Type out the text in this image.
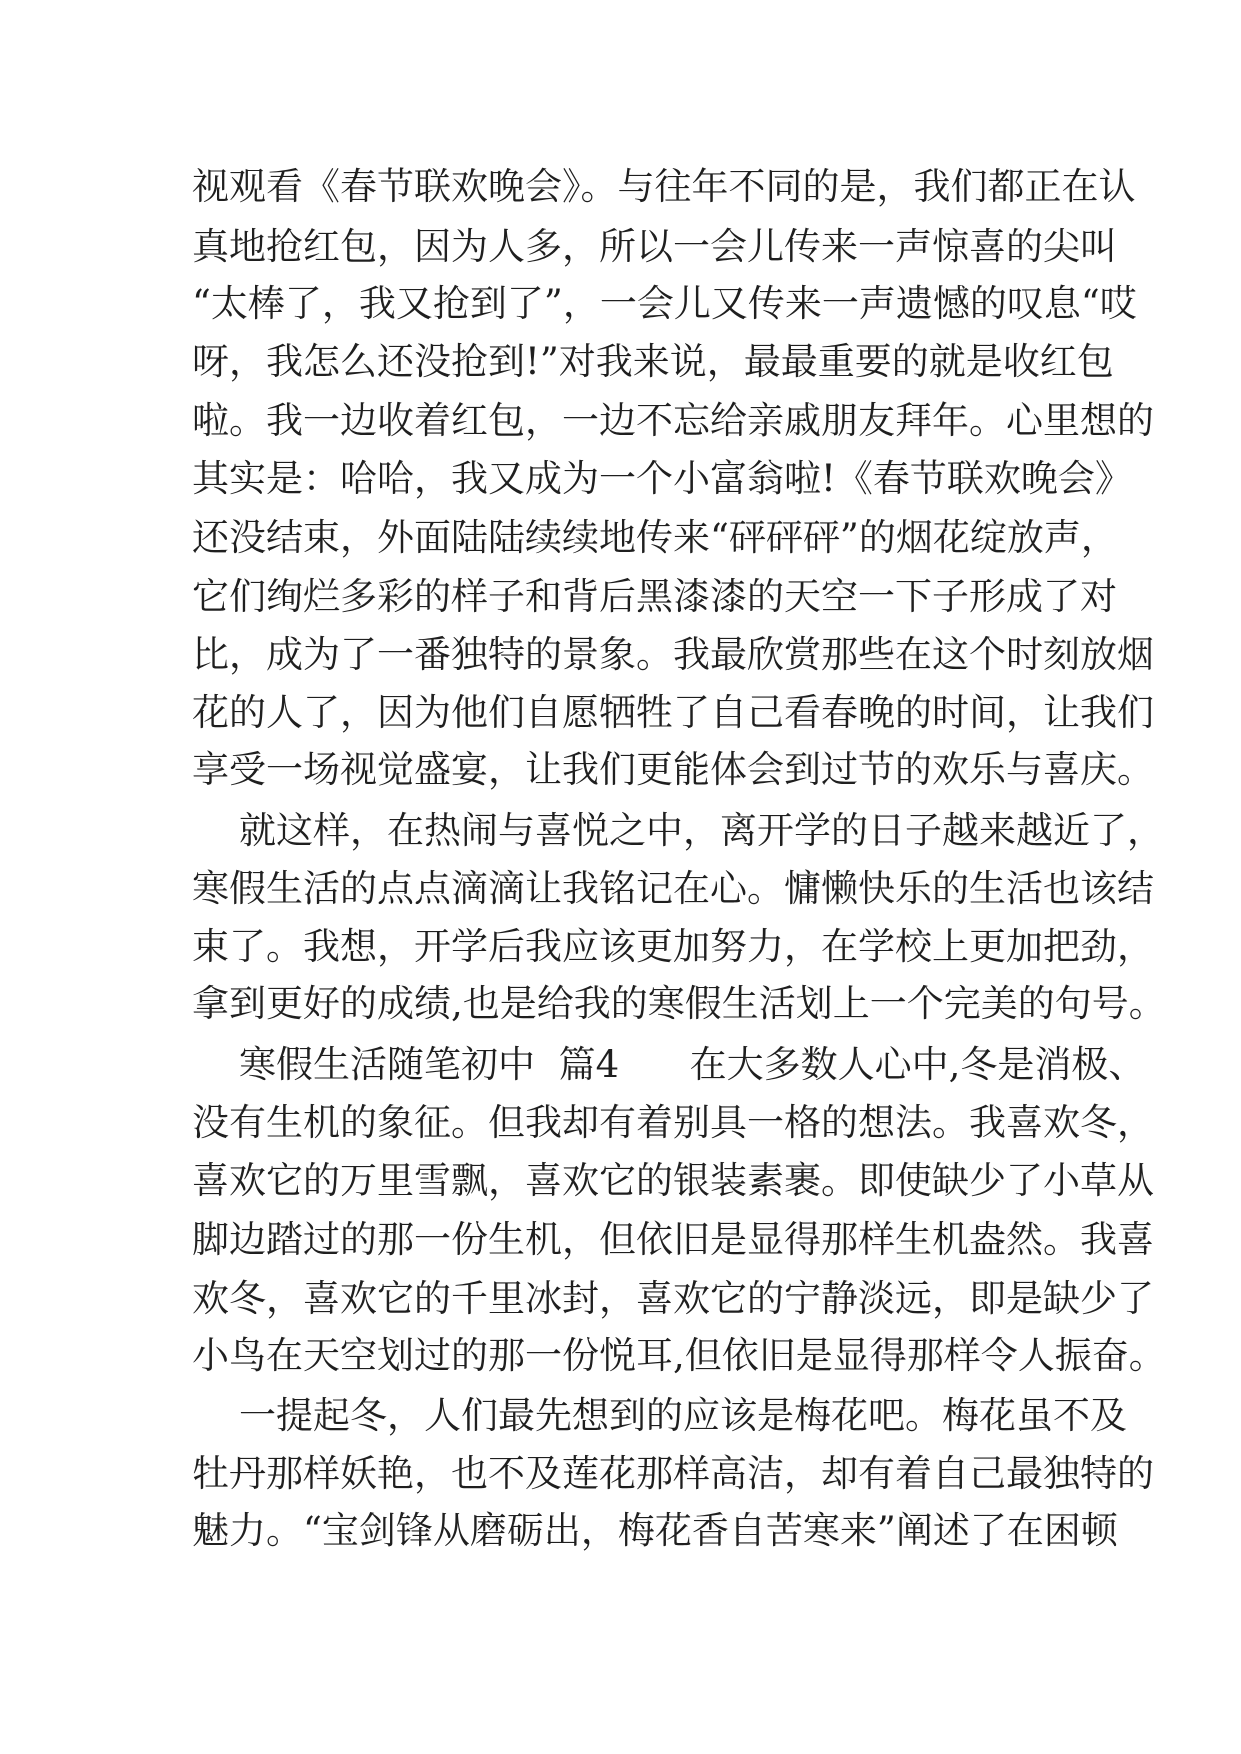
视观看《春节联欢晚会》。与往年不同的是，我们都正在认
真地抢红包，因为人多，所以一会儿传来一声惊喜的尖叫
“太棒了，我又抢到了”，一会儿又传来一声遗憾的叹息“哎
呀，我怎么还没抢到!”对我来说，最最重要的就是收红包
啦。我一边收着红包，一边不忘给亲戚朋友拜年。心里想的
其实是：哈哈，我又成为一个小富翁啦!《春节联欢晚会》
还没结束，外面陆陆续续地传来“砰砰砰”的烟花绽放声，
它们绚烂多彩的样子和背后黑漆漆的天空一下子形成了对
比，成为了一番独特的景象。我最欣赏那些在这个时刻放烟
花的人了，因为他们自愿牺牲了自己看春晚的时间，让我们
享受一场视觉盛宴，让我们更能体会到过节的欢乐与喜庆。
就这样，在热闹与喜悦之中，离开学的日子越来越近了，
寒假生活的点点滴滴让我铭记在心。慵懒快乐的生活也该结
束了。我想，开学后我应该更加努力，在学校上更加把劲，
拿到更好的成绩,也是给我的寒假生活划上一个完美的句号。
寒假生活随笔初中  篇4      在大多数人心中,冬是消极、
没有生机的象征。但我却有着别具一格的想法。我喜欢冬，
喜欢它的万里雪飘，喜欢它的银装素裹。即使缺少了小草从
脚边踏过的那一份生机，但依旧是显得那样生机盎然。我喜
欢冬，喜欢它的千里冰封，喜欢它的宁静淡远，即是缺少了
小鸟在天空划过的那一份悦耳,但依旧是显得那样令人振奋。
一提起冬，人们最先想到的应该是梅花吧。梅花虽不及
牡丹那样妖艳，也不及莲花那样高洁，却有着自己最独特的
魅力。“宝剑锋从磨砺出，梅花香自苦寒来”阐述了在困顿
